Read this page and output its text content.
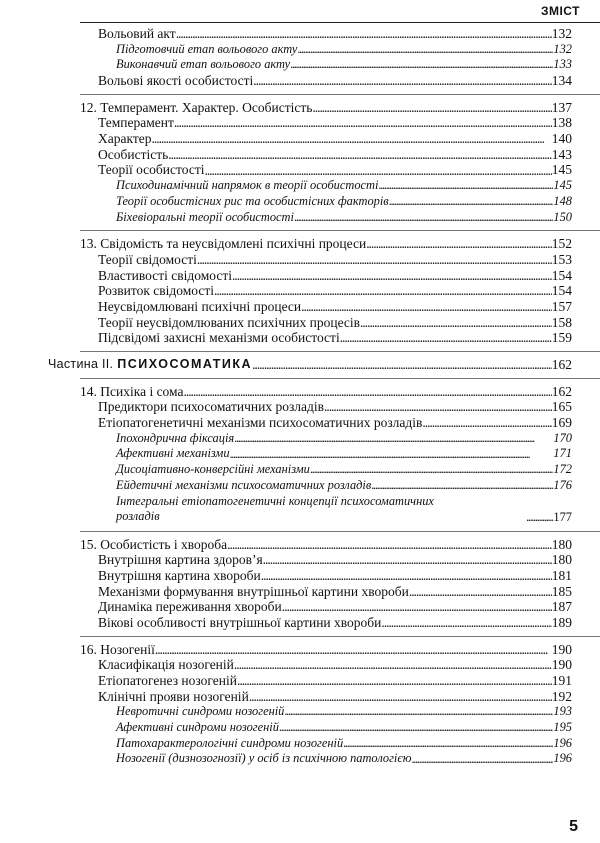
ЗМІСТ
Вольовий акт . . .	132
Підготовчий етап вольового акту . . .	132
Виконавчий етап вольового акту . . .	133
Вольові якості особистості . . .	134
12. Темперамент. Характер. Особистість . . .	137
Темперамент . . .	138
Характер . . .	140
Особистість . . .	143
Теорії особистості . . .	145
Психодинамічний напрямок в теорії особистості . . .	145
Теорії особистісних рис та особистісних факторів . . .	148
Біхевіоральні теорії особистості . . .	150
13. Свідомість та неусвідомлені психічні процеси . . .	152
Теорії свідомості . . .	153
Властивості свідомості . . .	154
Розвиток свідомості . . .	154
Неусвідомлювані психічні процеси . . .	157
Теорії неусвідомлюваних психічних процесів . . .	158
Підсвідомі захисні механізми особистості . . .	159
Частина II. ПСИХОСОМАТИКА . . .	162
14. Психіка і сома . . .	162
Предиктори психосоматичних розладів . . .	165
Етіопатогенетичні механізми психосоматичних розладів . . .	169
Іпохондрична фіксація . . .	170
Афективні механізми . . .	171
Дисоціативно-конверсійні механізми . . .	172
Ейдетичні механізми психосоматичних розладів . . .	176
Інтегральні етіопатогенетичні концепції психосоматичних розладів . . .	177
15. Особистість і хвороба . . .	180
Внутрішня картина здоров’я . . .	180
Внутрішня картина хвороби . . .	181
Механізми формування внутрішньої картини хвороби . . .	185
Динаміка переживання хвороби . . .	187
Вікові особливості внутрішньої картини хвороби . . .	189
16. Нозогенії . . .	190
Класифікація нозогеній . . .	190
Етіопатогенез нозогеній . . .	191
Клінічні прояви нозогеній . . .	192
Невротичні синдроми нозогеній . . .	193
Афективні синдроми нозогеній . . .	195
Патохарактерологічні синдроми нозогеній . . .	196
Нозогенії (дизнозогнозії) у осіб із психічною патологією . . .	196
5
